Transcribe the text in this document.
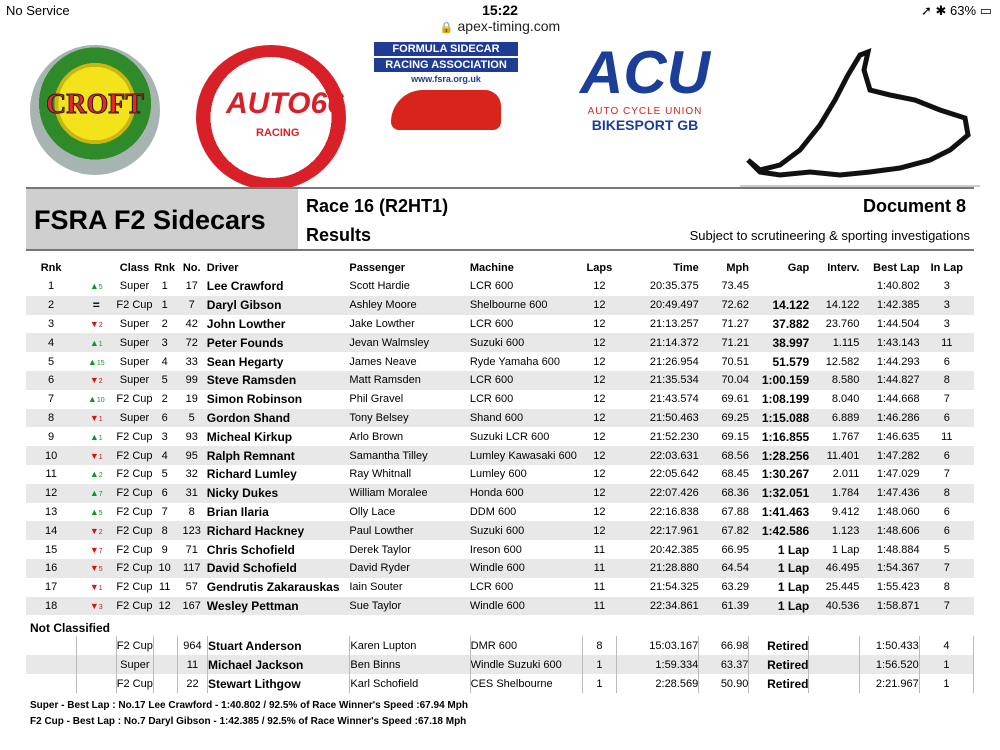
No Service	15:22	➚ ✱ 63% ▭
🔒 apex-timing.com
CROFT	AUTO66
RACING
FORMULA SIDECAR
RACING ASSOCIATION
www.fsra.org.uk	ACU
AUTO CYCLE UNION
BIKESPORT GB
FSRA F2 Sidecars	Race 16 (R2HT1)
Results
Document 8
Subject to scrutineering & sporting investigations
Rnk		Class	Rnk	No.	Driver	Passenger	Machine	Laps	Time	Mph	Gap	Interv.	Best Lap	In Lap
1	▲5	Super	1	17	Lee Crawford	Scott Hardie	LCR 600	12	20:35.375	73.45			1:40.802	3
2	=	F2 Cup	1	7	Daryl Gibson	Ashley Moore	Shelbourne 600	12	20:49.497	72.62	14.122	14.122	1:42.385	3
3	▼2	Super	2	42	John Lowther	Jake Lowther	LCR 600	12	21:13.257	71.27	37.882	23.760	1:44.504	3
4	▲1	Super	3	72	Peter Founds	Jevan Walmsley	Suzuki 600	12	21:14.372	71.21	38.997	1.115	1:43.143	11
5	▲15	Super	4	33	Sean Hegarty	James Neave	Ryde Yamaha 600	12	21:26.954	70.51	51.579	12.582	1:44.293	6
6	▼2	Super	5	99	Steve Ramsden	Matt Ramsden	LCR 600	12	21:35.534	70.04	1:00.159	8.580	1:44.827	8
7	▲10	F2 Cup	2	19	Simon Robinson	Phil Gravel	LCR 600	12	21:43.574	69.61	1:08.199	8.040	1:44.668	7
8	▼1	Super	6	5	Gordon Shand	Tony Belsey	Shand 600	12	21:50.463	69.25	1:15.088	6.889	1:46.286	6
9	▲1	F2 Cup	3	93	Micheal Kirkup	Arlo Brown	Suzuki LCR 600	12	21:52.230	69.15	1:16.855	1.767	1:46.635	11
10	▼1	F2 Cup	4	95	Ralph Remnant	Samantha Tilley	Lumley Kawasaki 600	12	22:03.631	68.56	1:28.256	11.401	1:47.282	6
11	▲2	F2 Cup	5	32	Richard Lumley	Ray Whitnall	Lumley 600	12	22:05.642	68.45	1:30.267	2.011	1:47.029	7
12	▲7	F2 Cup	6	31	Nicky Dukes	William Moralee	Honda 600	12	22:07.426	68.36	1:32.051	1.784	1:47.436	8
13	▲5	F2 Cup	7	8	Brian Ilaria	Olly Lace	DDM 600	12	22:16.838	67.88	1:41.463	9.412	1:48.060	6
14	▼2	F2 Cup	8	123	Richard Hackney	Paul Lowther	Suzuki 600	12	22:17.961	67.82	1:42.586	1.123	1:48.606	6
15	▼7	F2 Cup	9	71	Chris Schofield	Derek Taylor	Ireson 600	11	20:42.385	66.95	1 Lap	1 Lap	1:48.884	5
16	▼5	F2 Cup	10	117	David Schofield	David Ryder	Windle 600	11	21:28.880	64.54	1 Lap	46.495	1:54.367	7
17	▼1	F2 Cup	11	57	Gendrutis Zakarauskas	Iain Souter	LCR 600	11	21:54.325	63.29	1 Lap	25.445	1:55.423	8
18	▼3	F2 Cup	12	167	Wesley Pettman	Sue Taylor	Windle 600	11	22:34.861	61.39	1 Lap	40.536	1:58.871	7
Not Classified
		F2 Cup		964	Stuart Anderson	Karen Lupton	DMR 600	8	15:03.167	66.98	Retired		1:50.433	4
		Super		11	Michael Jackson	Ben Binns	Windle Suzuki 600	1	1:59.334	63.37	Retired		1:56.520	1
		F2 Cup		22	Stewart Lithgow	Karl Schofield	CES Shelbourne	1	2:28.569	50.90	Retired		2:21.967	1
Super - Best Lap : No.17 Lee Crawford - 1:40.802 / 92.5% of Race Winner's Speed :67.94 Mph
F2 Cup - Best Lap : No.7 Daryl Gibson - 1:42.385 / 92.5% of Race Winner's Speed :67.18 Mph
